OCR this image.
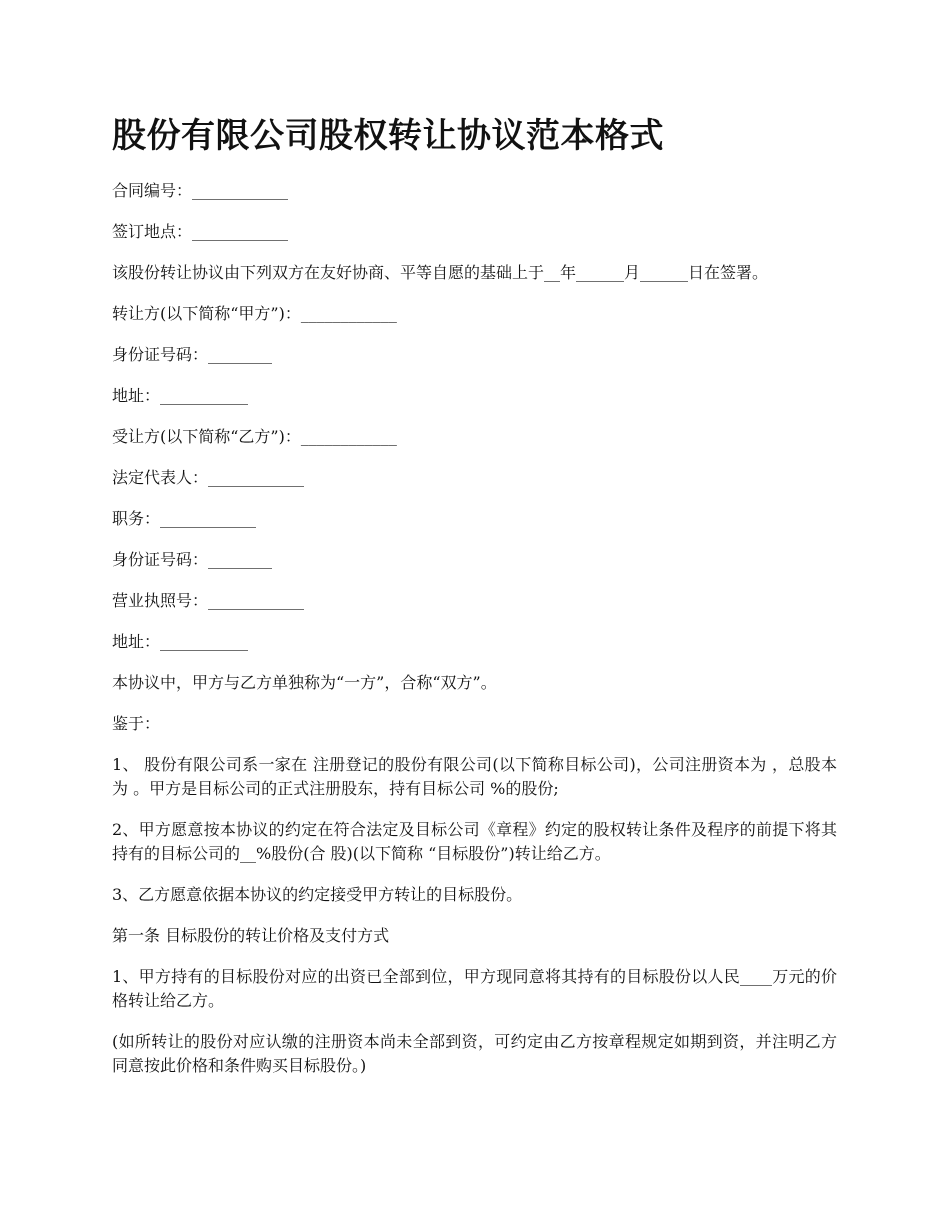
股份有限公司股权转让协议范本格式

合同编号：____________

签订地点：____________

该股份转让协议由下列双方在友好协商、平等自愿的基础上于__年______月______日在签署。

转让方(以下简称“甲方”)：____________

身份证号码：________

地址：___________

受让方(以下简称“乙方”)：____________

法定代表人：____________

职务：____________

身份证号码：________

营业执照号：____________

地址：___________

本协议中，甲方与乙方单独称为“一方”，合称“双方”。

鉴于：

1、 股份有限公司系一家在 注册登记的股份有限公司(以下简称目标公司)，公司注册资本为 ，总股本为 。甲方是目标公司的正式注册股东，持有目标公司 %的股份;

2、甲方愿意按本协议的约定在符合法定及目标公司《章程》约定的股权转让条件及程序的前提下将其持有的目标公司的__%股份(合 股)(以下简称 “目标股份”)转让给乙方。

3、乙方愿意依据本协议的约定接受甲方转让的目标股份。

第一条 目标股份的转让价格及支付方式

1、甲方持有的目标股份对应的出资已全部到位，甲方现同意将其持有的目标股份以人民____万元的价格转让给乙方。

(如所转让的股份对应认缴的注册资本尚未全部到资，可约定由乙方按章程规定如期到资，并注明乙方同意按此价格和条件购买目标股份。)
